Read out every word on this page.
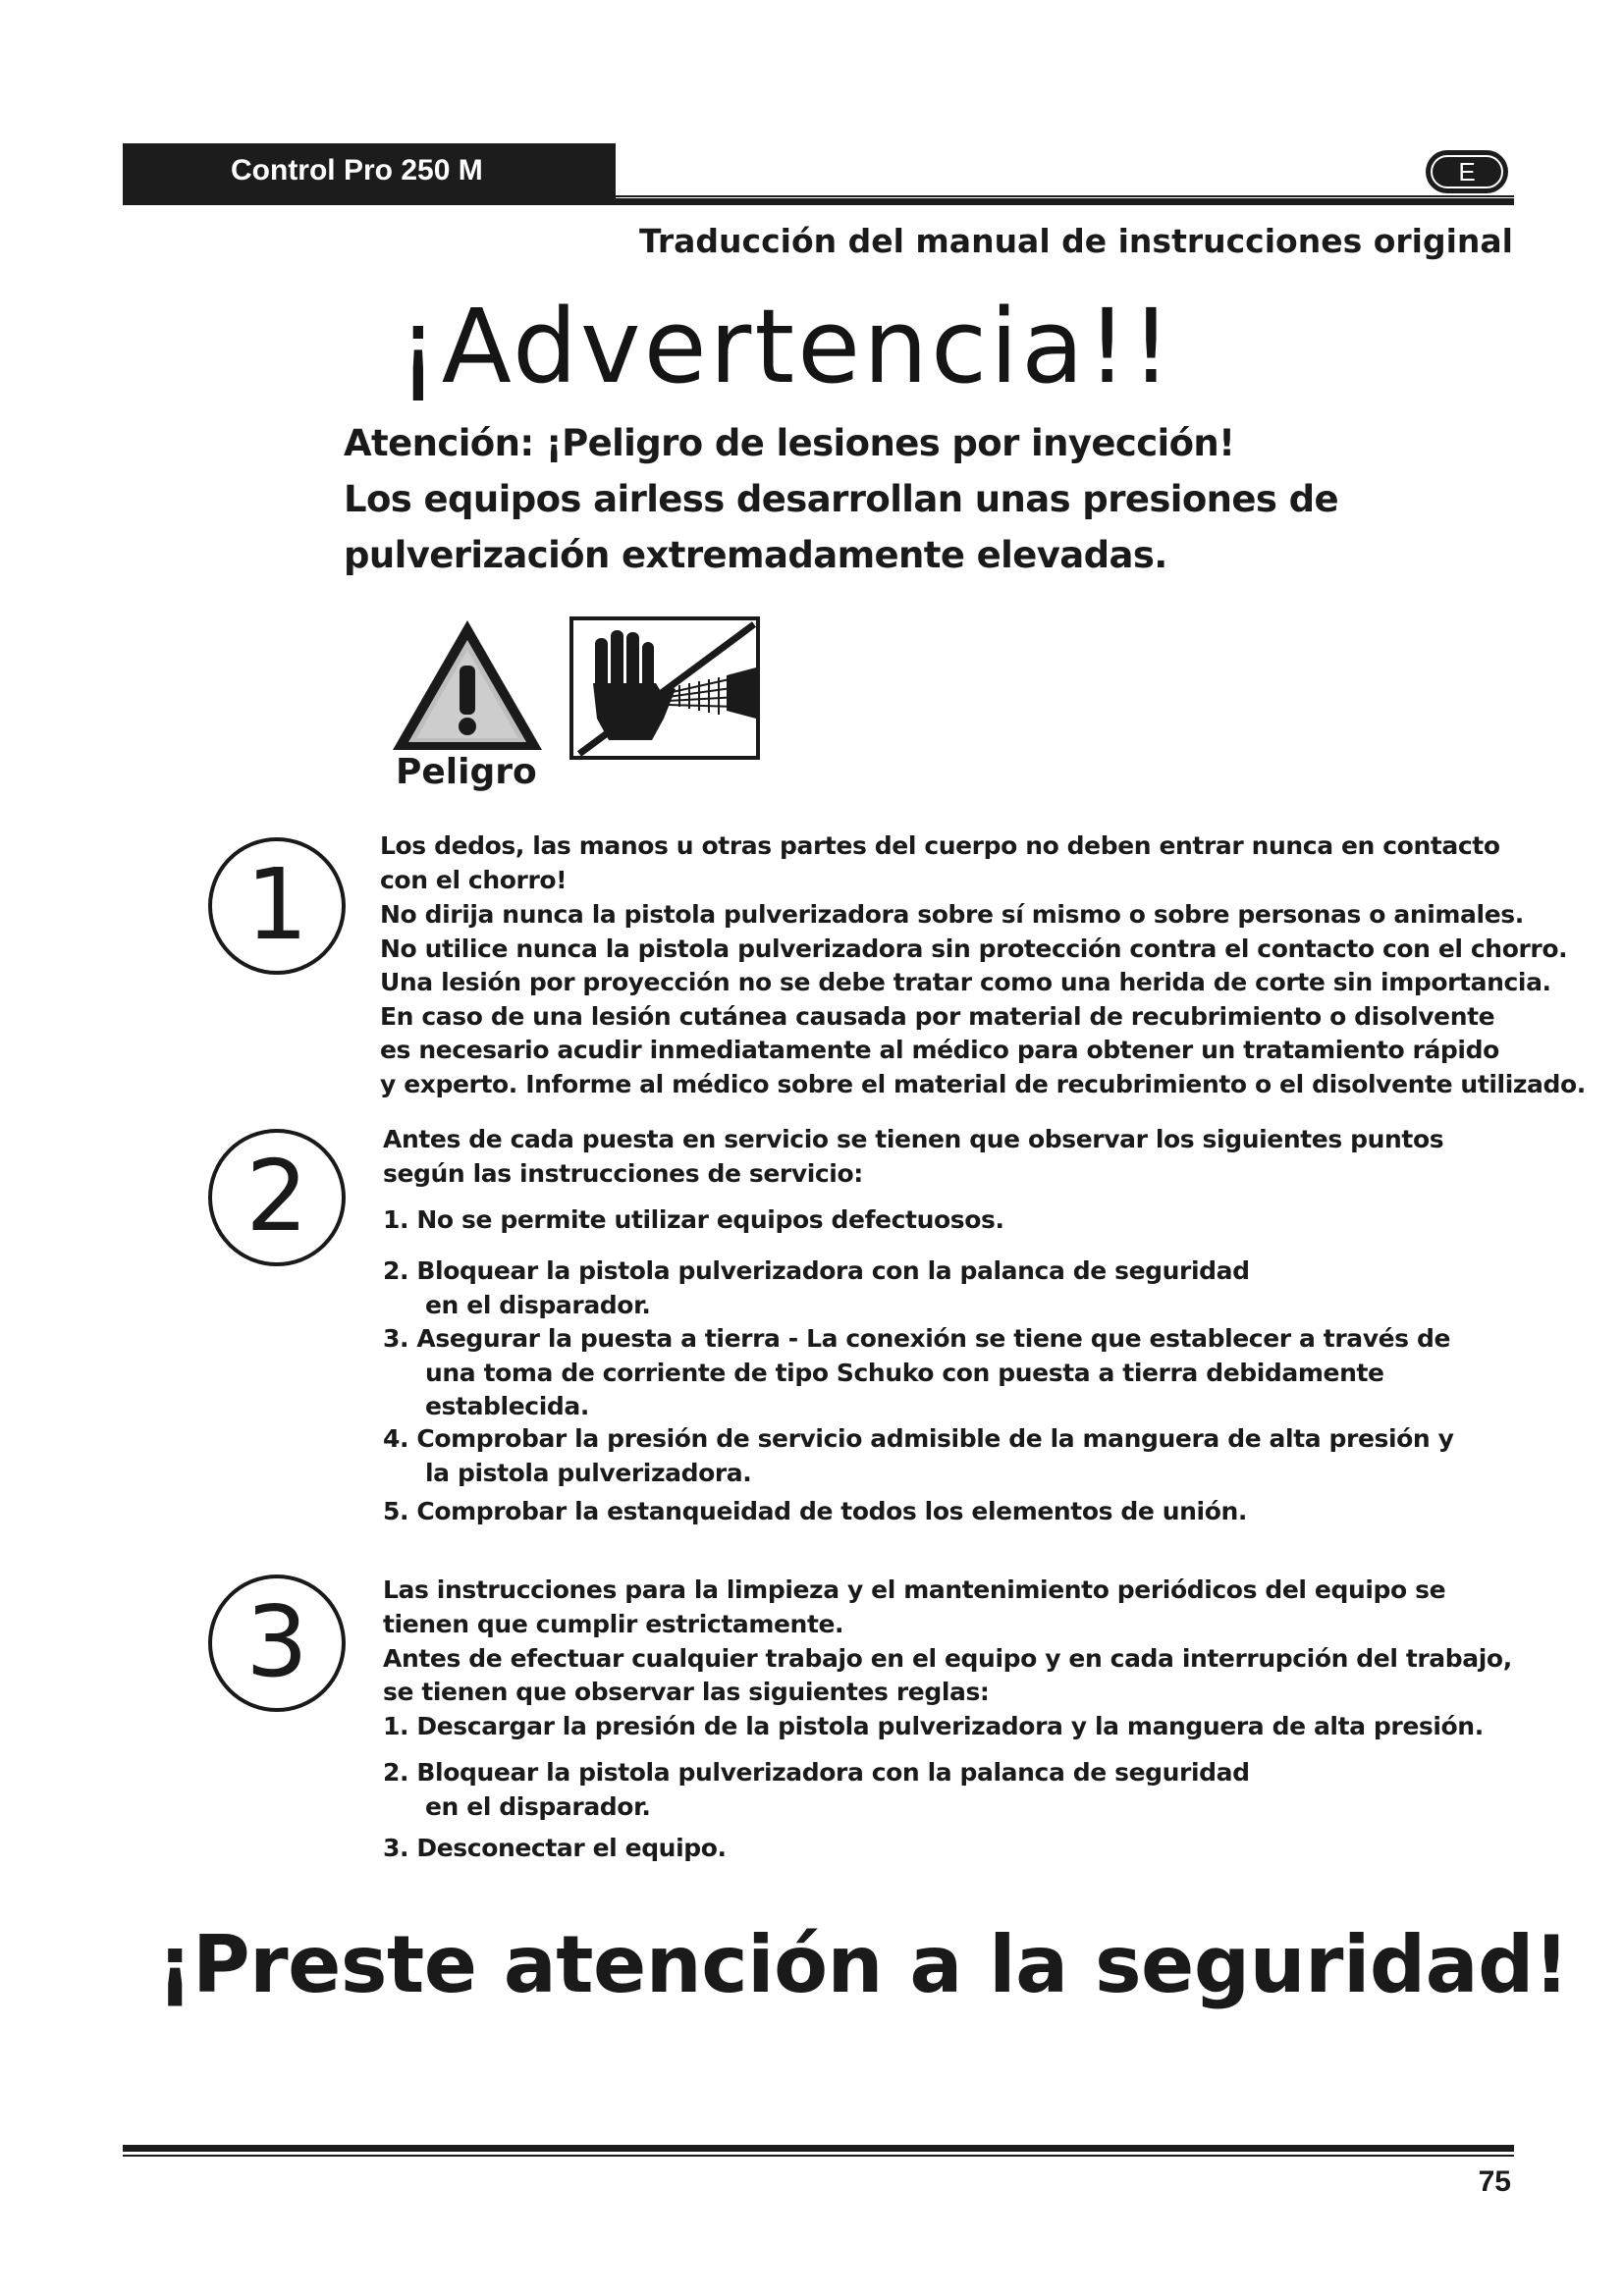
Control Pro 250 M	E
Traducción del manual de instrucciones original
¡Advertencia!!
Atención: ¡Peligro de lesiones por inyección!
Los equipos airless desarrollan unas presiones de
pulverización extremadamente elevadas.
Peligro
1
Los dedos, las manos u otras partes del cuerpo no deben entrar nunca en contacto
con el chorro!
No dirija nunca la pistola pulverizadora sobre sí mismo o sobre personas o animales.
No utilice nunca la pistola pulverizadora sin protección contra el contacto con el chorro.
Una lesión por proyección no se debe tratar como una herida de corte sin importancia.
En caso de una lesión cutánea causada por material de recubrimiento o disolvente
es necesario acudir inmediatamente al médico para obtener un tratamiento rápido
y experto. Informe al médico sobre el material de recubrimiento o el disolvente utilizado.
2	Antes de cada puesta en servicio se tienen que observar los siguientes puntos
según las instrucciones de servicio:
1. No se permite utilizar equipos defectuosos.
2. Bloquear la pistola pulverizadora con la palanca de seguridad
en el disparador.
3. Asegurar la puesta a tierra - La conexión se tiene que establecer a través de
una toma de corriente de tipo Schuko con puesta a tierra debidamente
establecida.
4. Comprobar la presión de servicio admisible de la manguera de alta presión y
la pistola pulverizadora.
5. Comprobar la estanqueidad de todos los elementos de unión.
3	Las instrucciones para la limpieza y el mantenimiento periódicos del equipo se
tienen que cumplir estrictamente.
Antes de efectuar cualquier trabajo en el equipo y en cada interrupción del trabajo,
se tienen que observar las siguientes reglas:
1. Descargar la presión de la pistola pulverizadora y la manguera de alta presión.
2. Bloquear la pistola pulverizadora con la palanca de seguridad
en el disparador.
3. Desconectar el equipo.
¡Preste atención a la seguridad!
75
